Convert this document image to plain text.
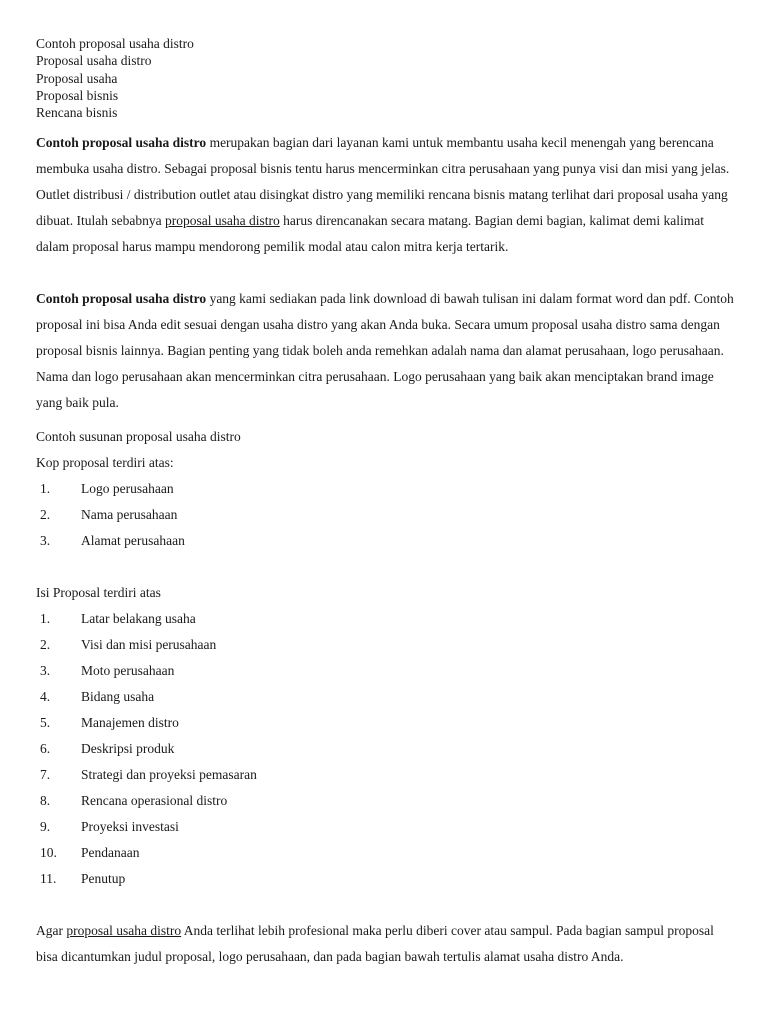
Contoh proposal usaha distro
Proposal usaha distro
Proposal usaha
Proposal bisnis
Rencana bisnis

Contoh proposal usaha distro merupakan bagian dari layanan kami untuk membantu usaha kecil menengah yang berencana membuka usaha distro. Sebagai proposal bisnis tentu harus mencerminkan citra perusahaan yang punya visi dan misi yang jelas. Outlet distribusi / distribution outlet atau disingkat distro yang memiliki rencana bisnis matang terlihat dari proposal usaha yang dibuat. Itulah sebabnya proposal usaha distro harus direncanakan secara matang. Bagian demi bagian, kalimat demi kalimat dalam proposal harus mampu mendorong pemilik modal atau calon mitra kerja tertarik.

Contoh proposal usaha distro yang kami sediakan pada link download di bawah tulisan ini dalam format word dan pdf. Contoh proposal ini bisa Anda edit sesuai dengan usaha distro yang akan Anda buka. Secara umum proposal usaha distro sama dengan proposal bisnis lainnya. Bagian penting yang tidak boleh anda remehkan adalah nama dan alamat perusahaan, logo perusahaan. Nama dan logo perusahaan akan mencerminkan citra perusahaan. Logo perusahaan yang baik akan menciptakan brand image yang baik pula.

Contoh susunan proposal usaha distro

Kop proposal terdiri atas:

1.	Logo perusahaan
2.	Nama perusahaan
3.	Alamat perusahaan

Isi Proposal terdiri atas

1.	Latar belakang usaha
2.	Visi dan misi perusahaan
3.	Moto perusahaan
4.	Bidang usaha
5.	Manajemen distro
6.	Deskripsi produk
7.	Strategi dan proyeksi pemasaran
8.	Rencana operasional distro
9.	Proyeksi investasi
10.	Pendanaan
11.	Penutup

Agar proposal usaha distro Anda terlihat lebih profesional maka perlu diberi cover atau sampul. Pada bagian sampul proposal bisa dicantumkan judul proposal, logo perusahaan, dan pada bagian bawah tertulis alamat usaha distro Anda.
